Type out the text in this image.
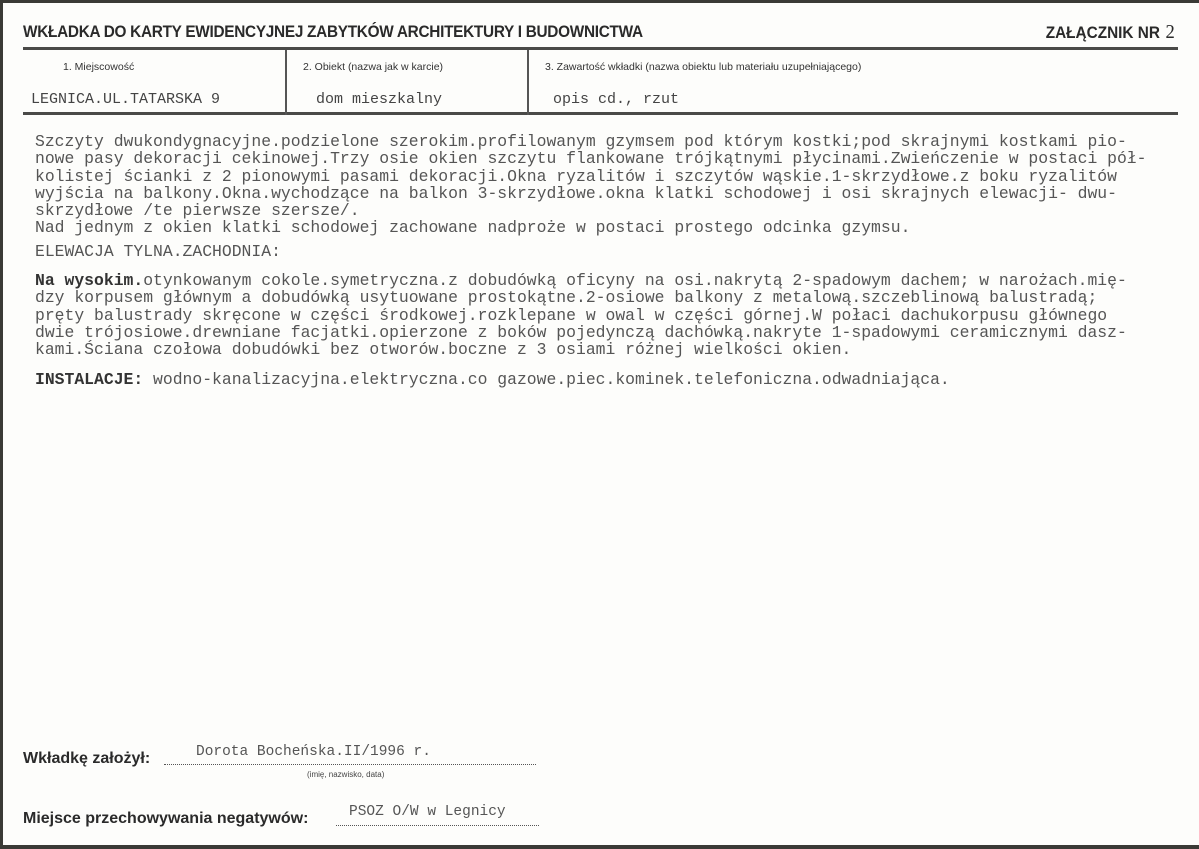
WKŁADKA DO KARTY EWIDENCYJNEJ ZABYTKÓW ARCHITEKTURY I BUDOWNICTWA	ZAŁĄCZNIK NR 2
1. Miejscowość
LEGNICA.UL.TATARSKA 9
2. Obiekt (nazwa jak w karcie)
dom mieszkalny
3. Zawartość wkładki (nazwa obiektu lub materiału uzupełniającego)
opis cd., rzut
Szczyty dwukondygnacyjne.podzielone szerokim.profilowanym gzymsem pod którym kostki;pod skrajnymi kostkami pio-
nowe pasy dekoracji cekinowej.Trzy osie okien szczytu flankowane trójkątnymi płycinami.Zwieńczenie w postaci pół-
kolistej ścianki z 2 pionowymi pasami dekoracji.Okna ryzalitów i szczytów wąskie.1-skrzydłowe.z boku ryzalitów
wyjścia na balkony.Okna.wychodzące na balkon 3-skrzydłowe.okna klatki schodowej i osi skrajnych elewacji- dwu-
skrzydłowe /te pierwsze szersze/.
Nad jednym z okien klatki schodowej zachowane nadproże w postaci prostego odcinka gzymsu.
ELEWACJA TYLNA.ZACHODNIA:
Na wysokim.otynkowanym cokole.symetryczna.z dobudówką oficyny na osi.nakrytą 2-spadowym dachem; w narożach.mię-
dzy korpusem głównym a dobudówką usytuowane prostokątne.2-osiowe balkony z metalową.szczeblinową balustradą;
pręty balustrady skręcone w części środkowej.rozklepane w owal w części górnej.W połaci dachukorpusu głównego
dwie trójosiowe.drewniane facjatki.opierzone z boków pojedynczą dachówką.nakryte 1-spadowymi ceramicznymi dasz-
kami.Ściana czołowa dobudówki bez otworów.boczne z 3 osiami różnej wielkości okien.
INSTALACJE: wodno-kanalizacyjna.elektryczna.co gazowe.piec.kominek.telefoniczna.odwadniająca.
Wkładkę założył:	Dorota Bocheńska.II/1996 r.
(imię, nazwisko, data)
Miejsce przechowywania negatywów:	PSOZ O/W w Legnicy
